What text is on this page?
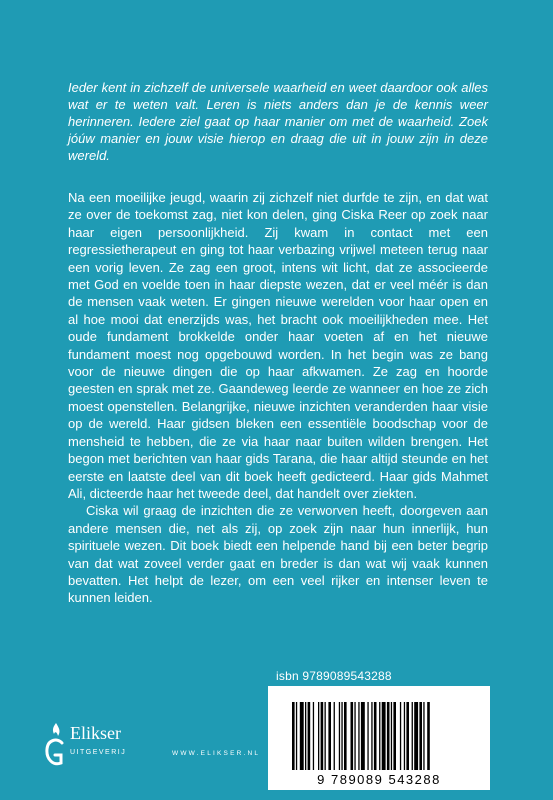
Ieder kent in zichzelf de universele waarheid en weet daardoor ook alles wat er te weten valt. Leren is niets anders dan je de kennis weer herinneren. Iedere ziel gaat op haar manier om met de waarheid. Zoek jóúw manier en jouw visie hierop en draag die uit in jouw zijn in deze wereld.

Na een moeilijke jeugd, waarin zij zichzelf niet durfde te zijn, en dat wat ze over de toekomst zag, niet kon delen, ging Ciska Reer op zoek naar haar eigen persoonlijkheid. Zij kwam in contact met een regressietherapeut en ging tot haar verbazing vrijwel meteen terug naar een vorig leven. Ze zag een groot, intens wit licht, dat ze associeerde met God en voelde toen in haar diepste wezen, dat er veel méér is dan de mensen vaak weten. Er gingen nieuwe werelden voor haar open en al hoe mooi dat enerzijds was, het bracht ook moeilijkheden mee. Het oude fundament brokkelde onder haar voeten af en het nieuwe fundament moest nog opgebouwd worden. In het begin was ze bang voor de nieuwe dingen die op haar afkwamen. Ze zag en hoorde geesten en sprak met ze. Gaandeweg leerde ze wanneer en hoe ze zich moest openstellen. Belangrijke, nieuwe inzichten veranderden haar visie op de wereld. Haar gidsen bleken een essentiële boodschap voor de mensheid te hebben, die ze via haar naar buiten wilden brengen. Het begon met berichten van haar gids Tarana, die haar altijd steunde en het eerste en laatste deel van dit boek heeft gedicteerd. Haar gids Mahmet Ali, dicteerde haar het tweede deel, dat handelt over ziekten.

Ciska wil graag de inzichten die ze verworven heeft, doorgeven aan andere mensen die, net als zij, op zoek zijn naar hun innerlijk, hun spirituele wezen. Dit boek biedt een helpende hand bij een beter begrip van dat wat zoveel verder gaat en breder is dan wat wij vaak kunnen bevatten. Het helpt de lezer, om een veel rijker en intenser leven te kunnen leiden.

Elikser
UITGEVERIJ	WWW.ELIKSER.NL
isbn 9789089543288
9 789089 543288
